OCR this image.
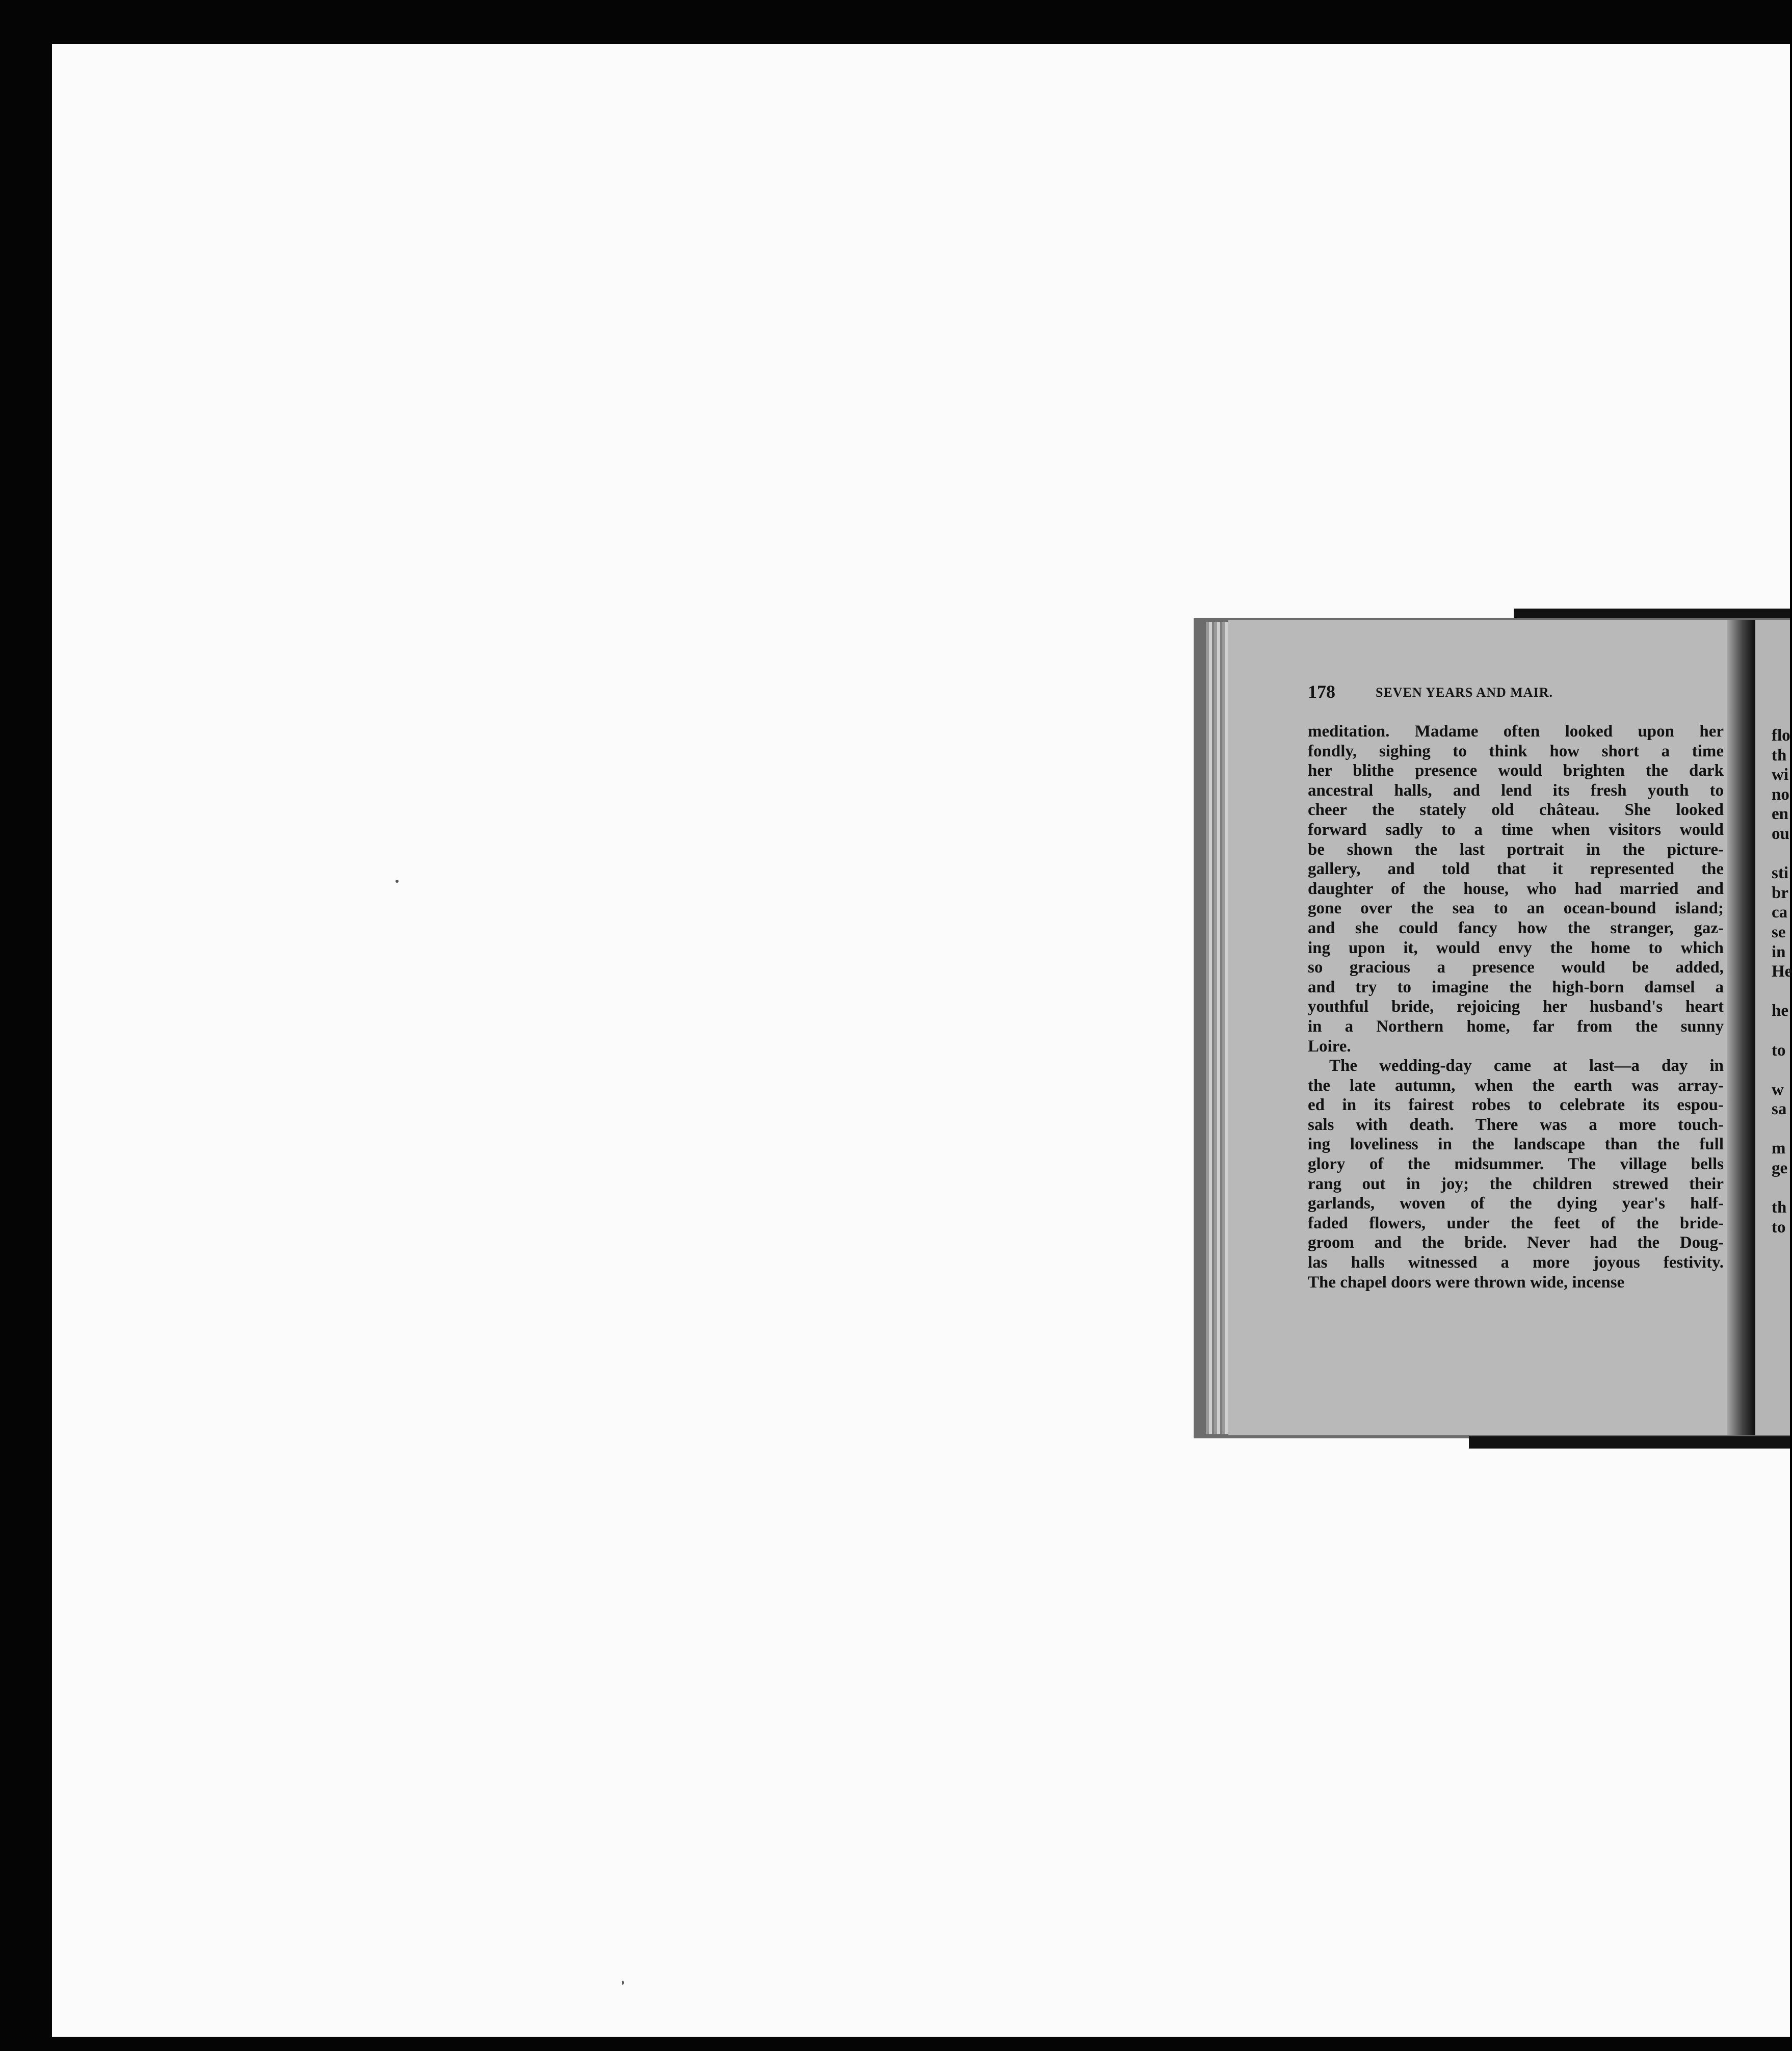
178	SEVEN YEARS AND MAIR.
meditation. Madame often looked upon her
fondly, sighing to think how short a time
her blithe presence would brighten the dark
ancestral halls, and lend its fresh youth to
cheer the stately old château. She looked
forward sadly to a time when visitors would
be shown the last portrait in the picture-
gallery, and told that it represented the
daughter of the house, who had married and
gone over the sea to an ocean-bound island;
and she could fancy how the stranger, gaz-
ing upon it, would envy the home to which
so gracious a presence would be added,
and try to imagine the high-born damsel a
youthful bride, rejoicing her husband's heart
in a Northern home, far from the sunny
Loire.
The wedding-day came at last—a day in
the late autumn, when the earth was array-
ed in its fairest robes to celebrate its espou-
sals with death. There was a more touch-
ing loveliness in the landscape than the full
glory of the midsummer. The village bells
rang out in joy; the children strewed their
garlands, woven of the dying year's half-
faded flowers, under the feet of the bride-
groom and the bride. Never had the Doug-
las halls witnessed a more joyous festivity.
The chapel doors were thrown wide, incense
flo
th
wi
no
en
ou
sti
br
ca
se
in
He
he
to
w
sa
m
ge
th
to
